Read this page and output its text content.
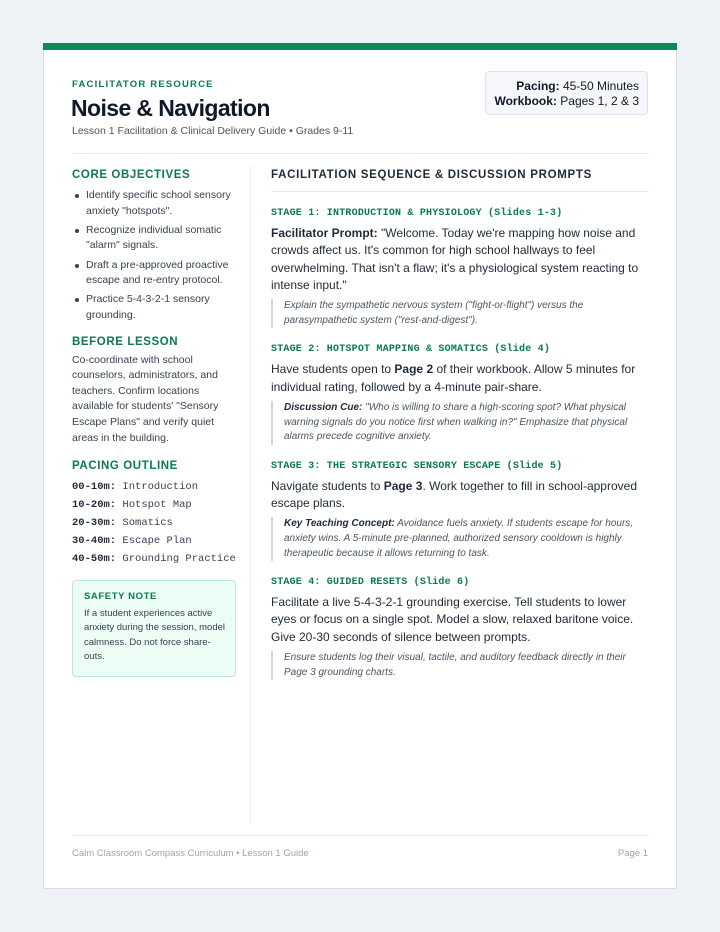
FACILITATOR RESOURCE
Noise & Navigation
Lesson 1 Facilitation & Clinical Delivery Guide • Grades 9-11
Pacing: 45-50 Minutes
Workbook: Pages 1, 2 & 3
CORE OBJECTIVES
Identify specific school sensory anxiety "hotspots".
Recognize individual somatic "alarm" signals.
Draft a pre-approved proactive escape and re-entry protocol.
Practice 5-4-3-2-1 sensory grounding.
BEFORE LESSON
Co-coordinate with school counselors, administrators, and teachers. Confirm locations available for students' "Sensory Escape Plans" and verify quiet areas in the building.
PACING OUTLINE
00-10m: Introduction
10-20m: Hotspot Map
20-30m: Somatics
30-40m: Escape Plan
40-50m: Grounding Practice
SAFETY NOTE
If a student experiences active anxiety during the session, model calmness. Do not force share-outs.
FACILITATION SEQUENCE & DISCUSSION PROMPTS
STAGE 1: INTRODUCTION & PHYSIOLOGY (Slides 1-3)
Facilitator Prompt: "Welcome. Today we're mapping how noise and crowds affect us. It's common for high school hallways to feel overwhelming. That isn't a flaw; it's a physiological system reacting to intense input."
Explain the sympathetic nervous system ("fight-or-flight") versus the parasympathetic system ("rest-and-digest").
STAGE 2: HOTSPOT MAPPING & SOMATICS (Slide 4)
Have students open to Page 2 of their workbook. Allow 5 minutes for individual rating, followed by a 4-minute pair-share.
Discussion Cue: "Who is willing to share a high-scoring spot? What physical warning signals do you notice first when walking in?" Emphasize that physical alarms precede cognitive anxiety.
STAGE 3: THE STRATEGIC SENSORY ESCAPE (Slide 5)
Navigate students to Page 3. Work together to fill in school-approved escape plans.
Key Teaching Concept: Avoidance fuels anxiety. If students escape for hours, anxiety wins. A 5-minute pre-planned, authorized sensory cooldown is highly therapeutic because it allows returning to task.
STAGE 4: GUIDED RESETS (Slide 6)
Facilitate a live 5-4-3-2-1 grounding exercise. Tell students to lower eyes or focus on a single spot. Model a slow, relaxed baritone voice. Give 20-30 seconds of silence between prompts.
Ensure students log their visual, tactile, and auditory feedback directly in their Page 3 grounding charts.
Calm Classroom Compass Curriculum • Lesson 1 Guide	Page 1
